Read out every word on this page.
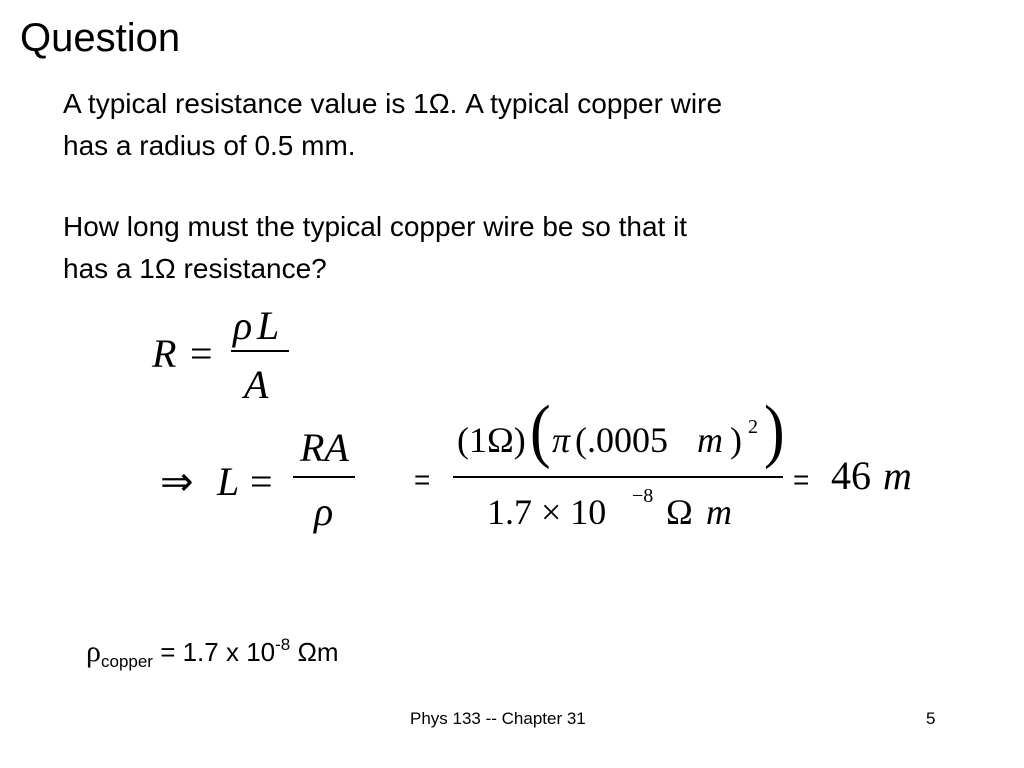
Question
A typical resistance value is 1Ω. A typical copper wire
has a radius of 0.5 mm.
How long must the typical copper wire be so that it
has a 1Ω resistance?
R =
ρ L
A
⇒ L =
RA
ρ
=
(1Ω) ( π (.0005 m ) 2 )
1.7 × 10 −8 Ω m
= 46 m
$\rho_{copper} = 1.7$ x $10^{-8}$ Ωm
Phys 133 -- Chapter 31	5
